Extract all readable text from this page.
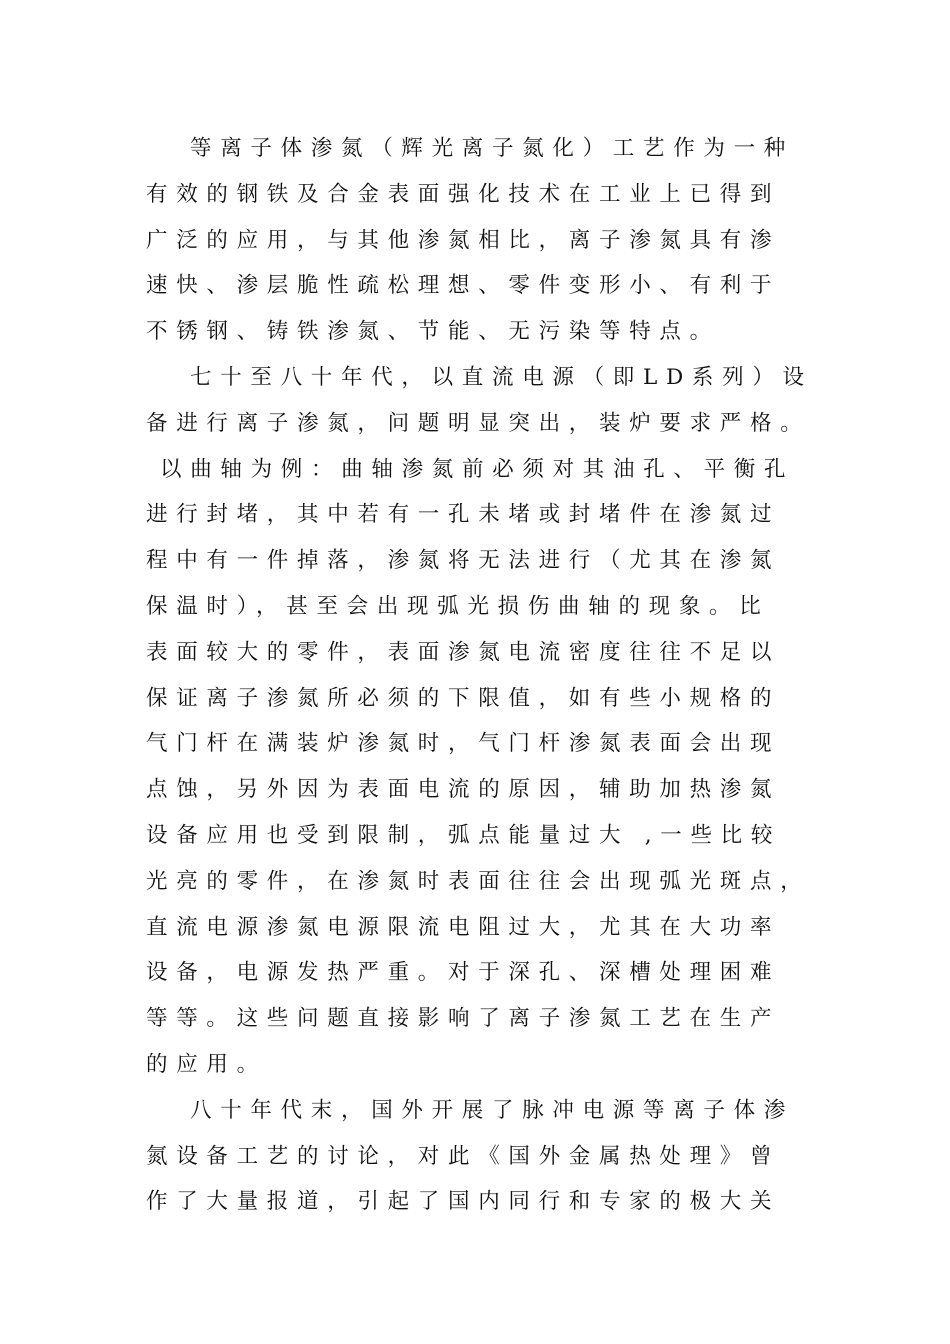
等离子体渗氮（辉光离子氮化）工艺作为一种
有效的钢铁及合金表面强化技术在工业上已得到
广泛的应用，与其他渗氮相比，离子渗氮具有渗
速快、渗层脆性疏松理想、零件变形小、有利于
不锈钢、铸铁渗氮、节能、无污染等特点。
七十至八十年代，以直流电源（即LD系列）设
备进行离子渗氮，问题明显突出，装炉要求严格。
以曲轴为例：曲轴渗氮前必须对其油孔、平衡孔
进行封堵，其中若有一孔未堵或封堵件在渗氮过
程中有一件掉落，渗氮将无法进行（尤其在渗氮
保温时），甚至会出现弧光损伤曲轴的现象。比
表面较大的零件，表面渗氮电流密度往往不足以
保证离子渗氮所必须的下限值，如有些小规格的
气门杆在满装炉渗氮时，气门杆渗氮表面会出现
点蚀，另外因为表面电流的原因，辅助加热渗氮
设备应用也受到限制，弧点能量过大 ,一些比较
光亮的零件，在渗氮时表面往往会出现弧光斑点，
直流电源渗氮电源限流电阻过大，尤其在大功率
设备，电源发热严重。对于深孔、深槽处理困难
等等。这些问题直接影响了离子渗氮工艺在生产
的应用。
八十年代末，国外开展了脉冲电源等离子体渗
氮设备工艺的讨论，对此《国外金属热处理》曾
作了大量报道，引起了国内同行和专家的极大关
